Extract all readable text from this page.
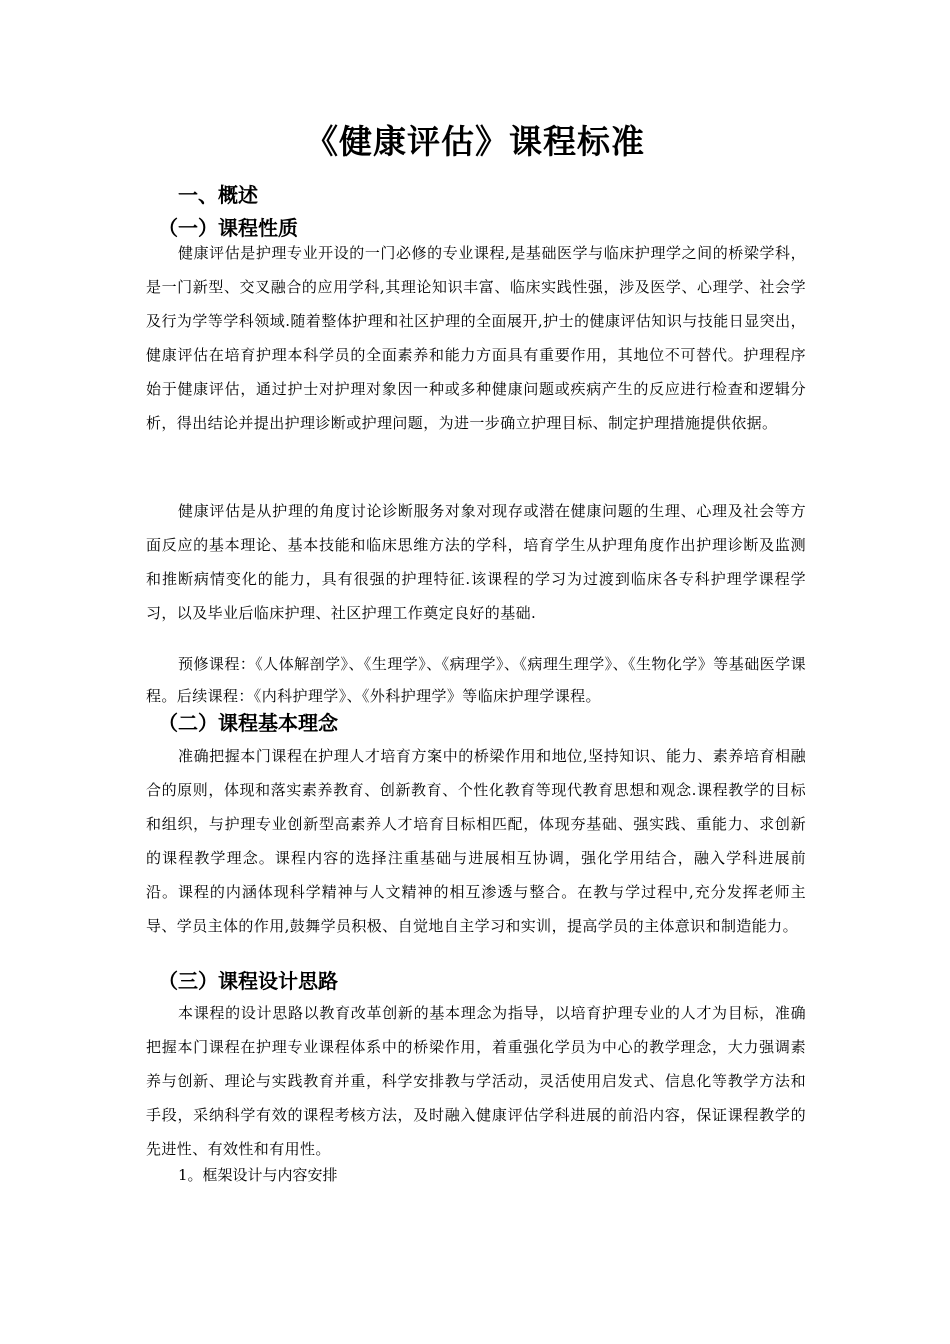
《健康评估》课程标准
一、概述
（一）课程性质
健康评估是护理专业开设的一门必修的专业课程,是基础医学与临床护理学之间的桥梁学科，是一门新型、交叉融合的应用学科,其理论知识丰富、临床实践性强，涉及医学、心理学、社会学及行为学等学科领域.随着整体护理和社区护理的全面展开,护士的健康评估知识与技能日显突出，健康评估在培育护理本科学员的全面素养和能力方面具有重要作用，其地位不可替代。护理程序始于健康评估，通过护士对护理对象因一种或多种健康问题或疾病产生的反应进行检查和逻辑分析，得出结论并提出护理诊断或护理问题，为进一步确立护理目标、制定护理措施提供依据。
健康评估是从护理的角度讨论诊断服务对象对现存或潜在健康问题的生理、心理及社会等方面反应的基本理论、基本技能和临床思维方法的学科，培育学生从护理角度作出护理诊断及监测和推断病情变化的能力，具有很强的护理特征.该课程的学习为过渡到临床各专科护理学课程学习，以及毕业后临床护理、社区护理工作奠定良好的基础.
预修课程：《人体解剖学》、《生理学》、《病理学》、《病理生理学》、《生物化学》等基础医学课程。后续课程：《内科护理学》、《外科护理学》等临床护理学课程。
（二）课程基本理念
准确把握本门课程在护理人才培育方案中的桥梁作用和地位,坚持知识、能力、素养培育相融合的原则，体现和落实素养教育、创新教育、个性化教育等现代教育思想和观念.课程教学的目标和组织，与护理专业创新型高素养人才培育目标相匹配，体现夯基础、强实践、重能力、求创新的课程教学理念。课程内容的选择注重基础与进展相互协调，强化学用结合，融入学科进展前沿。课程的内涵体现科学精神与人文精神的相互渗透与整合。在教与学过程中,充分发挥老师主导、学员主体的作用,鼓舞学员积极、自觉地自主学习和实训，提高学员的主体意识和制造能力。
（三）课程设计思路
本课程的设计思路以教育改革创新的基本理念为指导，以培育护理专业的人才为目标，准确把握本门课程在护理专业课程体系中的桥梁作用，着重强化学员为中心的教学理念，大力强调素养与创新、理论与实践教育并重，科学安排教与学活动，灵活使用启发式、信息化等教学方法和手段，采纳科学有效的课程考核方法，及时融入健康评估学科进展的前沿内容，保证课程教学的先进性、有效性和有用性。
1。框架设计与内容安排
